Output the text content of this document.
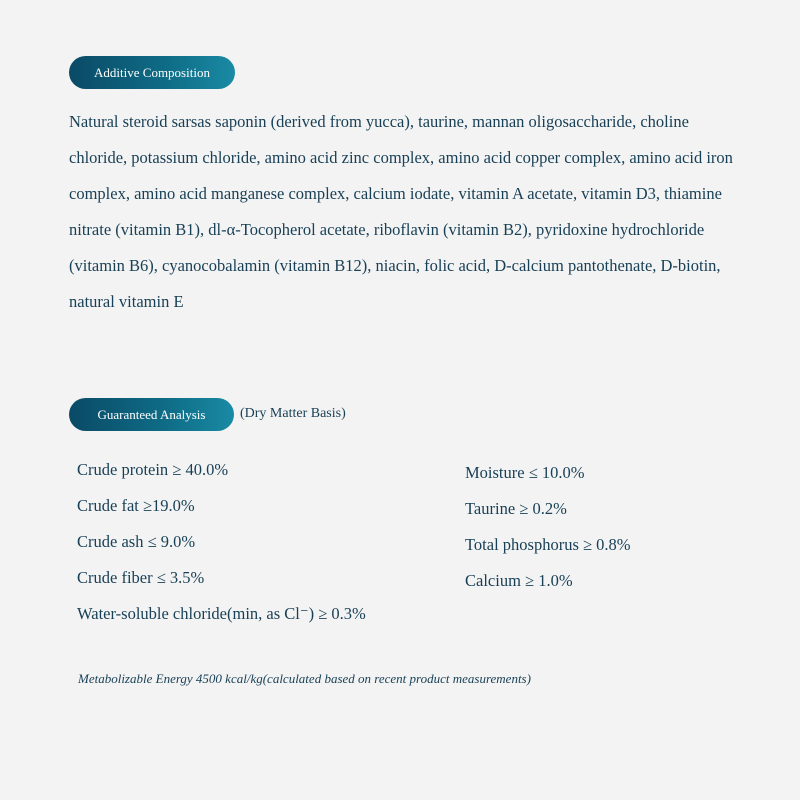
Additive Composition
Natural steroid sarsas saponin (derived from yucca), taurine, mannan oligosaccharide, choline chloride, potassium chloride, amino acid zinc complex, amino acid copper complex, amino acid iron complex, amino acid manganese complex, calcium iodate, vitamin A acetate, vitamin D3, thiamine nitrate (vitamin B1), dl-α-Tocopherol acetate, riboflavin (vitamin B2), pyridoxine hydrochloride (vitamin B6), cyanocobalamin (vitamin B12), niacin, folic acid, D-calcium pantothenate, D-biotin, natural vitamin E
Guaranteed Analysis (Dry Matter Basis)
Crude protein ≥ 40.0%
Crude fat ≥19.0%
Crude ash ≤ 9.0%
Crude fiber ≤ 3.5%
Water-soluble chloride(min, as Cl⁻) ≥ 0.3%
Moisture ≤ 10.0%
Taurine ≥ 0.2%
Total phosphorus ≥ 0.8%
Calcium ≥ 1.0%
Metabolizable Energy 4500 kcal/kg(calculated based on recent product measurements)
